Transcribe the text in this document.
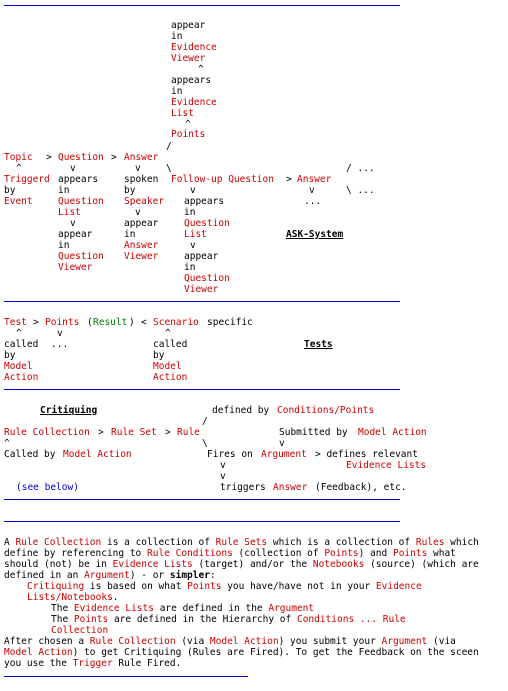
appear
in
Evidence
Viewer
^
appears
in
Evidence
List
^
Points
/
Topic > Question > Answer
^	v	v	\	/ ...
Triggerd appears	spoken Follow-up Question > Answer
by	in	by	v	v	\ ...
Event	Question Speaker appears	...
List	v	in
v	appear	Question
appear	in	List	ASK-System
in	Answer	v
Question Viewer	appear
Viewer	in
Question
Viewer
Test > Points ( Result ) < Scenario specific
^	v	^
called ...	called	Tests
by	by
Model	Model
Action	Action
Critiquing	defined by Conditions/Points
/
Rule Collection > Rule Set > Rule	Submitted by Model Action
^	\	v
Called by Model Action	Fires on Argument > defines relevant
v	Evidence Lists
v
(see below)	triggers Answer (Feedback), etc.
A Rule Collection is a collection of Rule Sets which is a collection of Rules which
define by referencing to Rule Conditions (collection of Points) and Points what
should (not) be in Evidence Lists (target) and/or the Notebooks (source) (which are
defined in an Argument) - or simpler:
Critiquing is based on what Points you have/have not in your Evidence
Lists/Notebooks.
The Evidence Lists are defined in the Argument
The Points are defined in the Hierarchy of Conditions ... Rule
Collection
After chosen a Rule Collection (via Model Action) you submit your Argument (via
Model Action) to get Critiquing (Rules are Fired). To get the Feedback on the sceen
you use the Trigger Rule Fired.
